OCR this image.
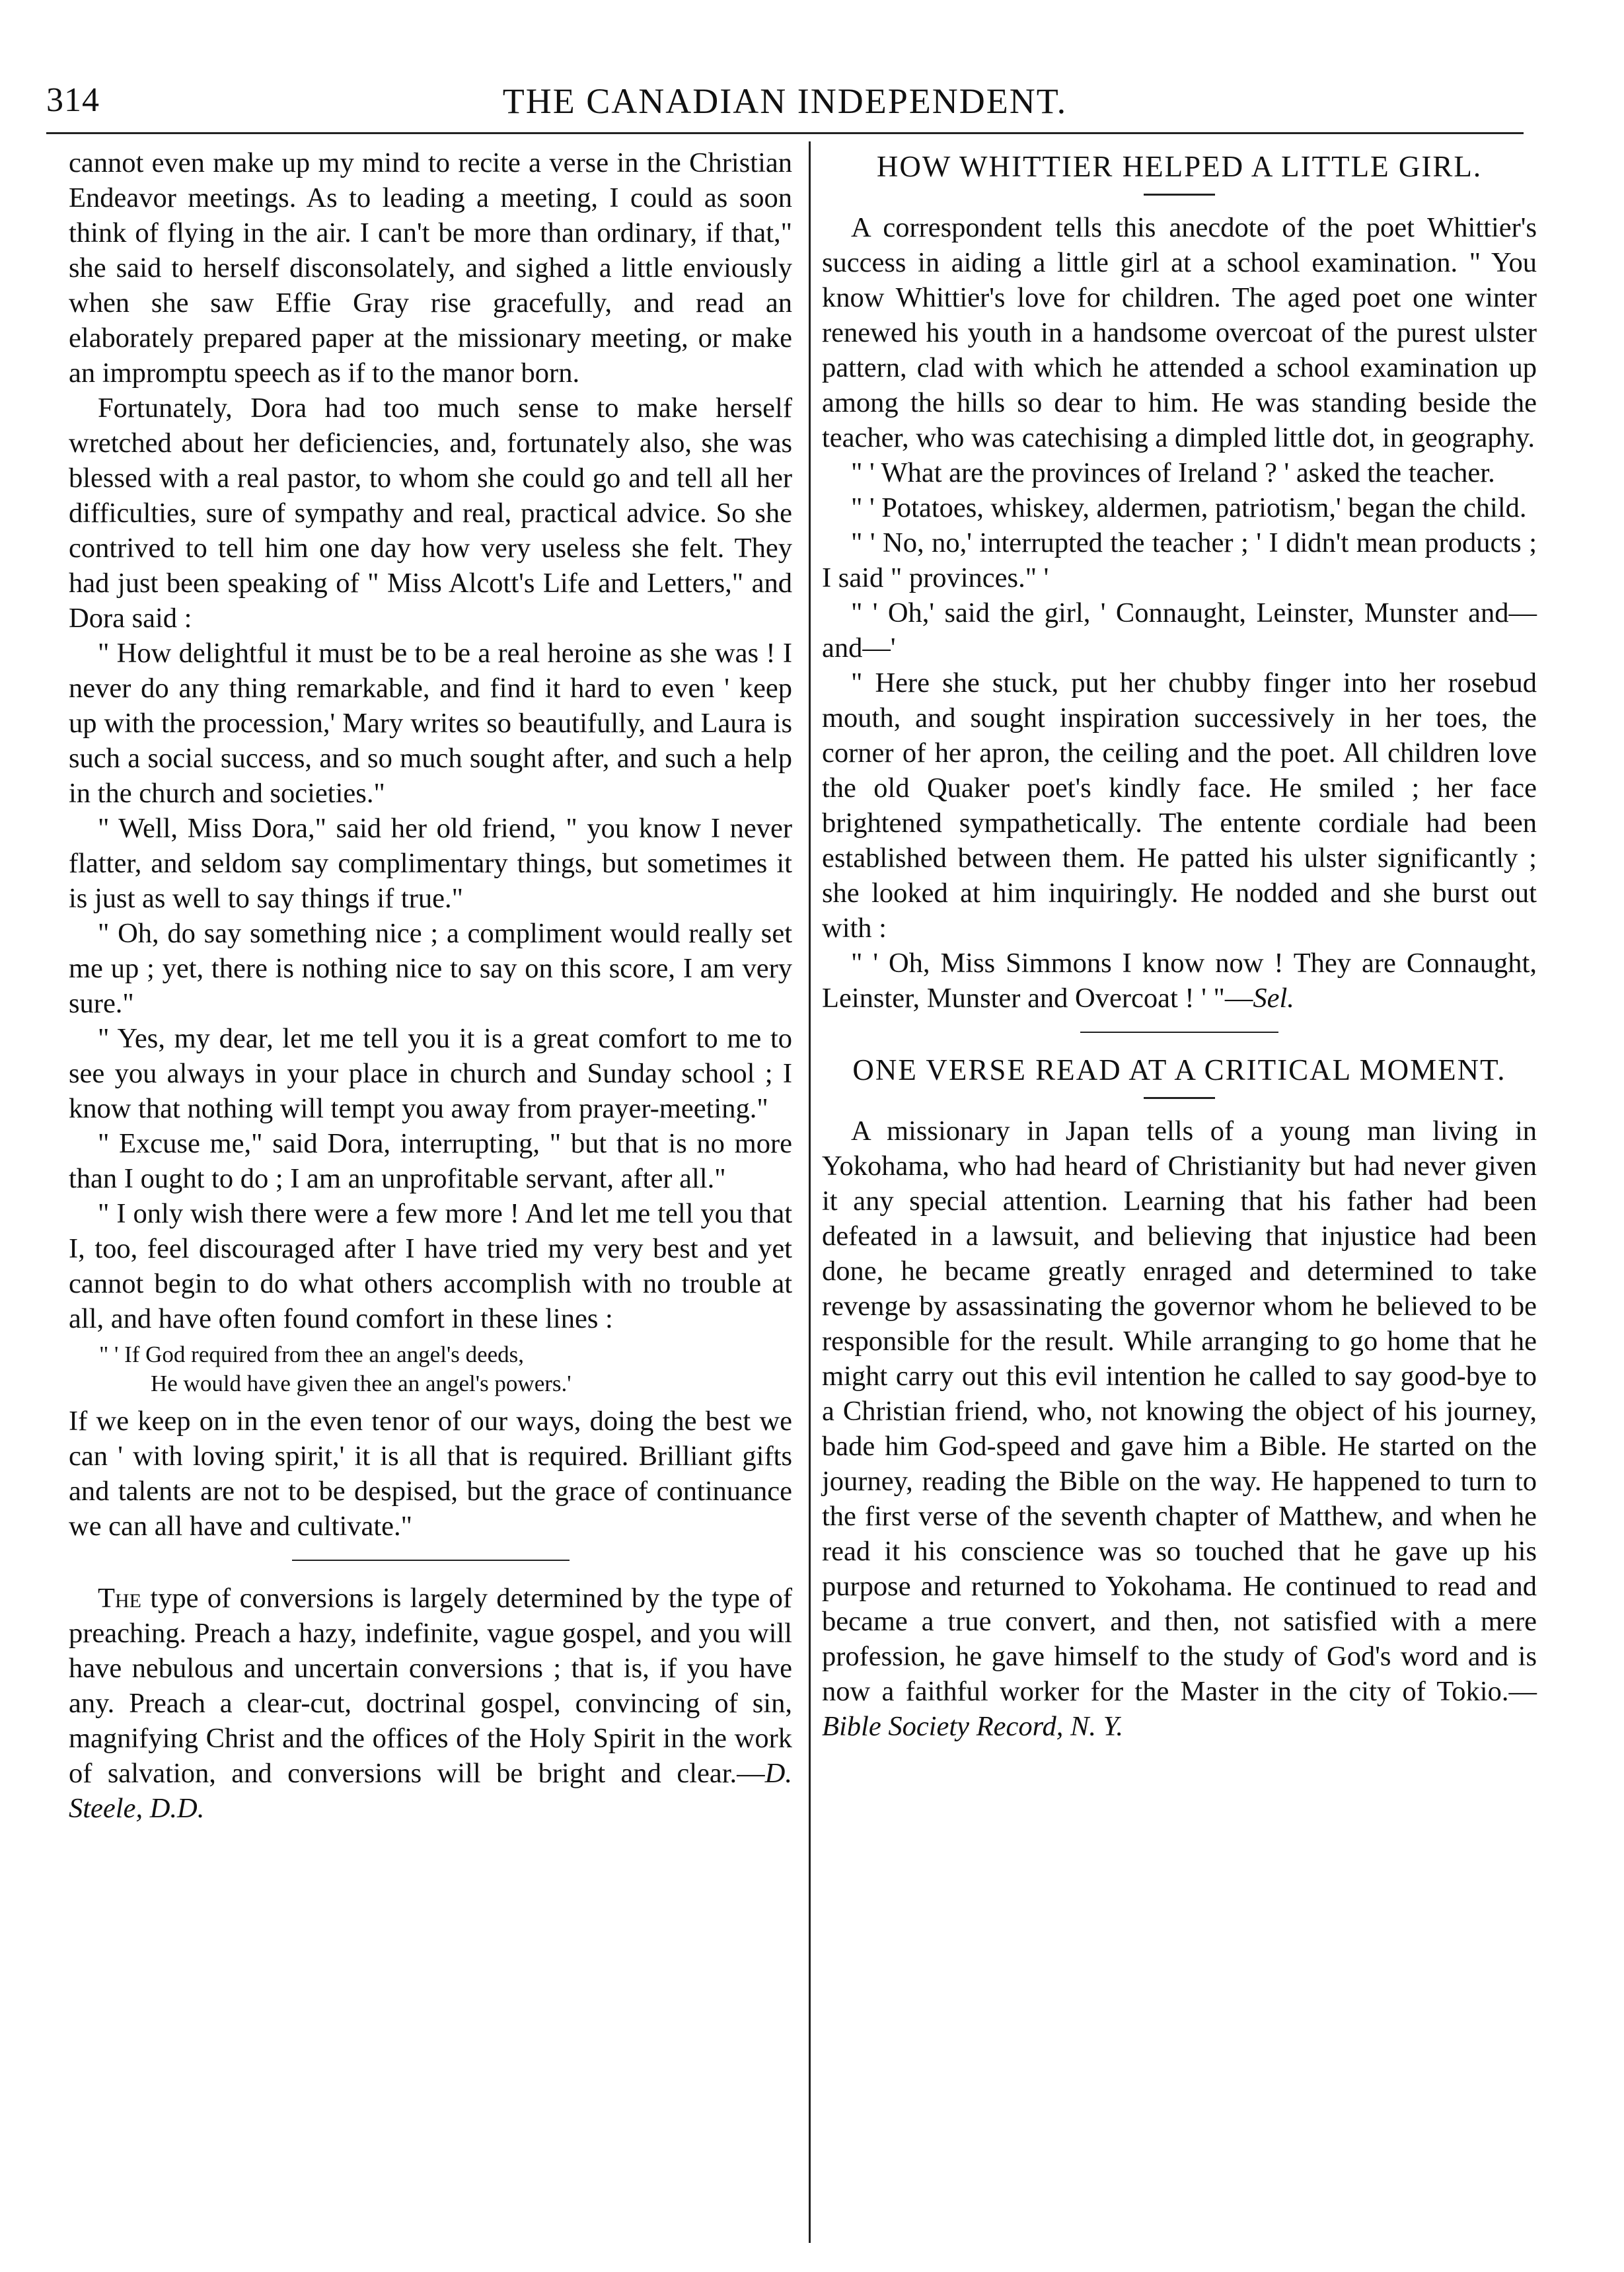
314	THE CANADIAN INDEPENDENT.

cannot even make up my mind to recite a verse in the Christian Endeavor meetings. As to leading a meeting, I could as soon think of flying in the air. I can't be more than ordinary, if that," she said to herself disconsolately, and sighed a little enviously when she saw Effie Gray rise gracefully, and read an elaborately prepared paper at the missionary meeting, or make an impromptu speech as if to the manor born.

Fortunately, Dora had too much sense to make herself wretched about her deficiencies, and, fortunately also, she was blessed with a real pastor, to whom she could go and tell all her difficulties, sure of sympathy and real, practical advice. So she contrived to tell him one day how very useless she felt. They had just been speaking of " Miss Alcott's Life and Letters," and Dora said :

" How delightful it must be to be a real heroine as she was ! I never do any thing remarkable, and find it hard to even ' keep up with the procession,' Mary writes so beautifully, and Laura is such a social success, and so much sought after, and such a help in the church and societies."

" Well, Miss Dora," said her old friend, " you know I never flatter, and seldom say complimentary things, but sometimes it is just as well to say things if true."

" Oh, do say something nice ; a compliment would really set me up ; yet, there is nothing nice to say on this score, I am very sure."

" Yes, my dear, let me tell you it is a great comfort to me to see you always in your place in church and Sunday school ; I know that nothing will tempt you away from prayer-meeting."

" Excuse me," said Dora, interrupting, " but that is no more than I ought to do ; I am an unprofitable servant, after all."

" I only wish there were a few more ! And let me tell you that I, too, feel discouraged after I have tried my very best and yet cannot begin to do what others accomplish with no trouble at all, and have often found comfort in these lines :

" ' If God required from thee an angel's deeds,
He would have given thee an angel's powers.'

If we keep on in the even tenor of our ways, doing the best we can ' with loving spirit,' it is all that is required. Brilliant gifts and talents are not to be despised, but the grace of continuance we can all have and cultivate."

The type of conversions is largely determined by the type of preaching. Preach a hazy, indefinite, vague gospel, and you will have nebulous and uncertain conversions ; that is, if you have any. Preach a clear-cut, doctrinal gospel, convincing of sin, magnifying Christ and the offices of the Holy Spirit in the work of salvation, and conversions will be bright and clear.—D. Steele, D.D.

HOW WHITTIER HELPED A LITTLE GIRL.

A correspondent tells this anecdote of the poet Whittier's success in aiding a little girl at a school examination. " You know Whittier's love for children. The aged poet one winter renewed his youth in a handsome overcoat of the purest ulster pattern, clad with which he attended a school examination up among the hills so dear to him. He was standing beside the teacher, who was catechising a dimpled little dot, in geography.

" ' What are the provinces of Ireland ? ' asked the teacher.

" ' Potatoes, whiskey, aldermen, patriotism,' began the child.

" ' No, no,' interrupted the teacher ; ' I didn't mean products ; I said " provinces." '

" ' Oh,' said the girl, ' Connaught, Leinster, Munster and—and—'

" Here she stuck, put her chubby finger into her rosebud mouth, and sought inspiration successively in her toes, the corner of her apron, the ceiling and the poet. All children love the old Quaker poet's kindly face. He smiled ; her face brightened sympathetically. The entente cordiale had been established between them. He patted his ulster significantly ; she looked at him inquiringly. He nodded and she burst out with :

" ' Oh, Miss Simmons I know now ! They are Connaught, Leinster, Munster and Overcoat ! ' "—Sel.

ONE VERSE READ AT A CRITICAL MOMENT.

A missionary in Japan tells of a young man living in Yokohama, who had heard of Christianity but had never given it any special attention. Learning that his father had been defeated in a lawsuit, and believing that injustice had been done, he became greatly enraged and determined to take revenge by assassinating the governor whom he believed to be responsible for the result. While arranging to go home that he might carry out this evil intention he called to say good-bye to a Christian friend, who, not knowing the object of his journey, bade him God-speed and gave him a Bible. He started on the journey, reading the Bible on the way. He happened to turn to the first verse of the seventh chapter of Matthew, and when he read it his conscience was so touched that he gave up his purpose and returned to Yokohama. He continued to read and became a true convert, and then, not satisfied with a mere profession, he gave himself to the study of God's word and is now a faithful worker for the Master in the city of Tokio.—Bible Society Record, N. Y.
